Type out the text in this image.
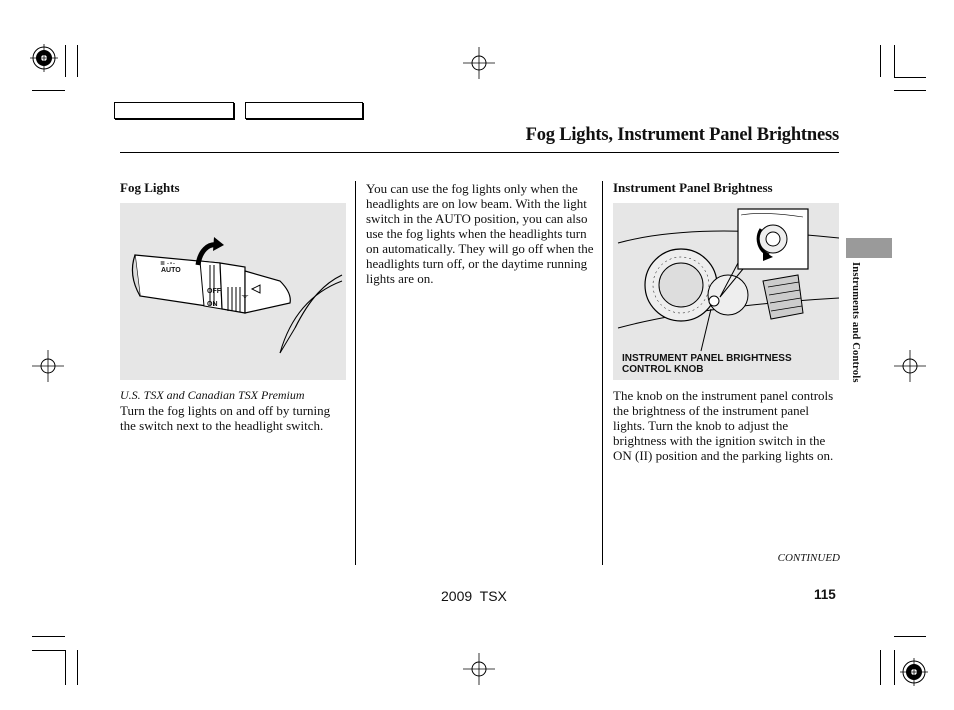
Fog Lights, Instrument Panel Brightness
Fog Lights
⏚
≣ -∘-
AUTO
OFF
ON
U.S. TSX and Canadian TSX Premium
Turn the fog lights on and off by turning the switch next to the headlight switch.
You can use the fog lights only when the headlights are on low beam. With the light switch in the AUTO position, you can also use the fog lights when the headlights turn on automatically. They will go off when the headlights turn off, or the daytime running lights are on.
Instrument Panel Brightness
INSTRUMENT PANEL BRIGHTNESS
CONTROL KNOB
The knob on the instrument panel controls the brightness of the instrument panel lights. Turn the knob to adjust the brightness with the ignition switch in the ON (II) position and the parking lights on.
Instruments and Controls
CONTINUED
2009  TSX	115
